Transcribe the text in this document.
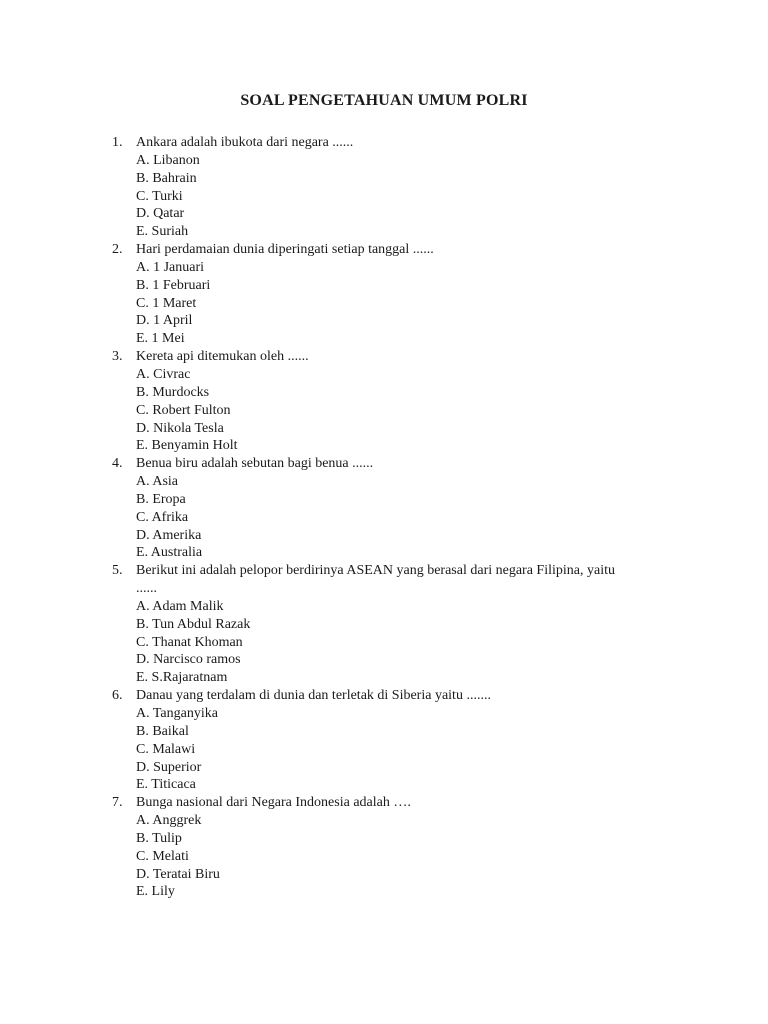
SOAL PENGETAHUAN UMUM POLRI
1. Ankara adalah ibukota dari negara ......
A. Libanon
B. Bahrain
C. Turki
D. Qatar
E. Suriah
2. Hari perdamaian dunia diperingati setiap tanggal ......
A. 1 Januari
B. 1 Februari
C. 1 Maret
D. 1 April
E. 1 Mei
3. Kereta api ditemukan oleh ......
A. Civrac
B. Murdocks
C. Robert Fulton
D. Nikola Tesla
E. Benyamin Holt
4. Benua biru adalah sebutan bagi benua ......
A. Asia
B. Eropa
C. Afrika
D. Amerika
E. Australia
5. Berikut ini adalah pelopor berdirinya ASEAN yang berasal dari negara Filipina, yaitu ......
A. Adam Malik
B. Tun Abdul Razak
C. Thanat Khoman
D. Narcisco ramos
E. S.Rajaratnam
6. Danau yang terdalam di dunia dan terletak di Siberia yaitu .......
A. Tanganyika
B. Baikal
C. Malawi
D. Superior
E. Titicaca
7. Bunga nasional dari Negara Indonesia adalah ….
A. Anggrek
B. Tulip
C. Melati
D. Teratai Biru
E. Lily
